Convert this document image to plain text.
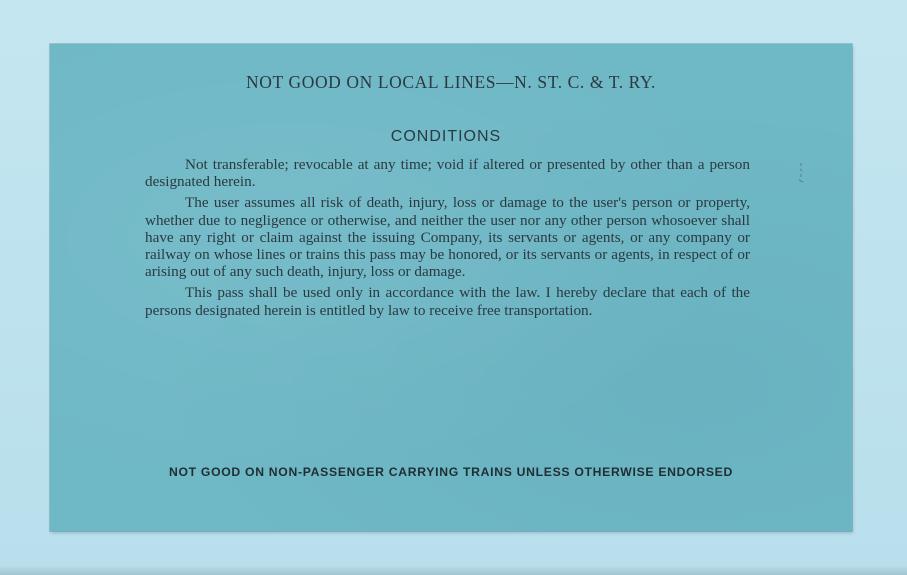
NOT GOOD ON LOCAL LINES—N. ST. C. & T. RY.
CONDITIONS

Not transferable; revocable at any time; void if altered or presented by other than a person designated herein.

The user assumes all risk of death, injury, loss or damage to the user's person or property, whether due to negligence or otherwise, and neither the user nor any other person whosoever shall have any right or claim against the issuing Company, its servants or agents, or any company or railway on whose lines or trains this pass may be honored, or its servants or agents, in respect of or arising out of any such death, injury, loss or damage.

This pass shall be used only in accordance with the law. I hereby declare that each of the persons designated herein is entitled by law to receive free transportation.

NOT GOOD ON NON-PASSENGER CARRYING TRAINS UNLESS OTHERWISE ENDORSED
